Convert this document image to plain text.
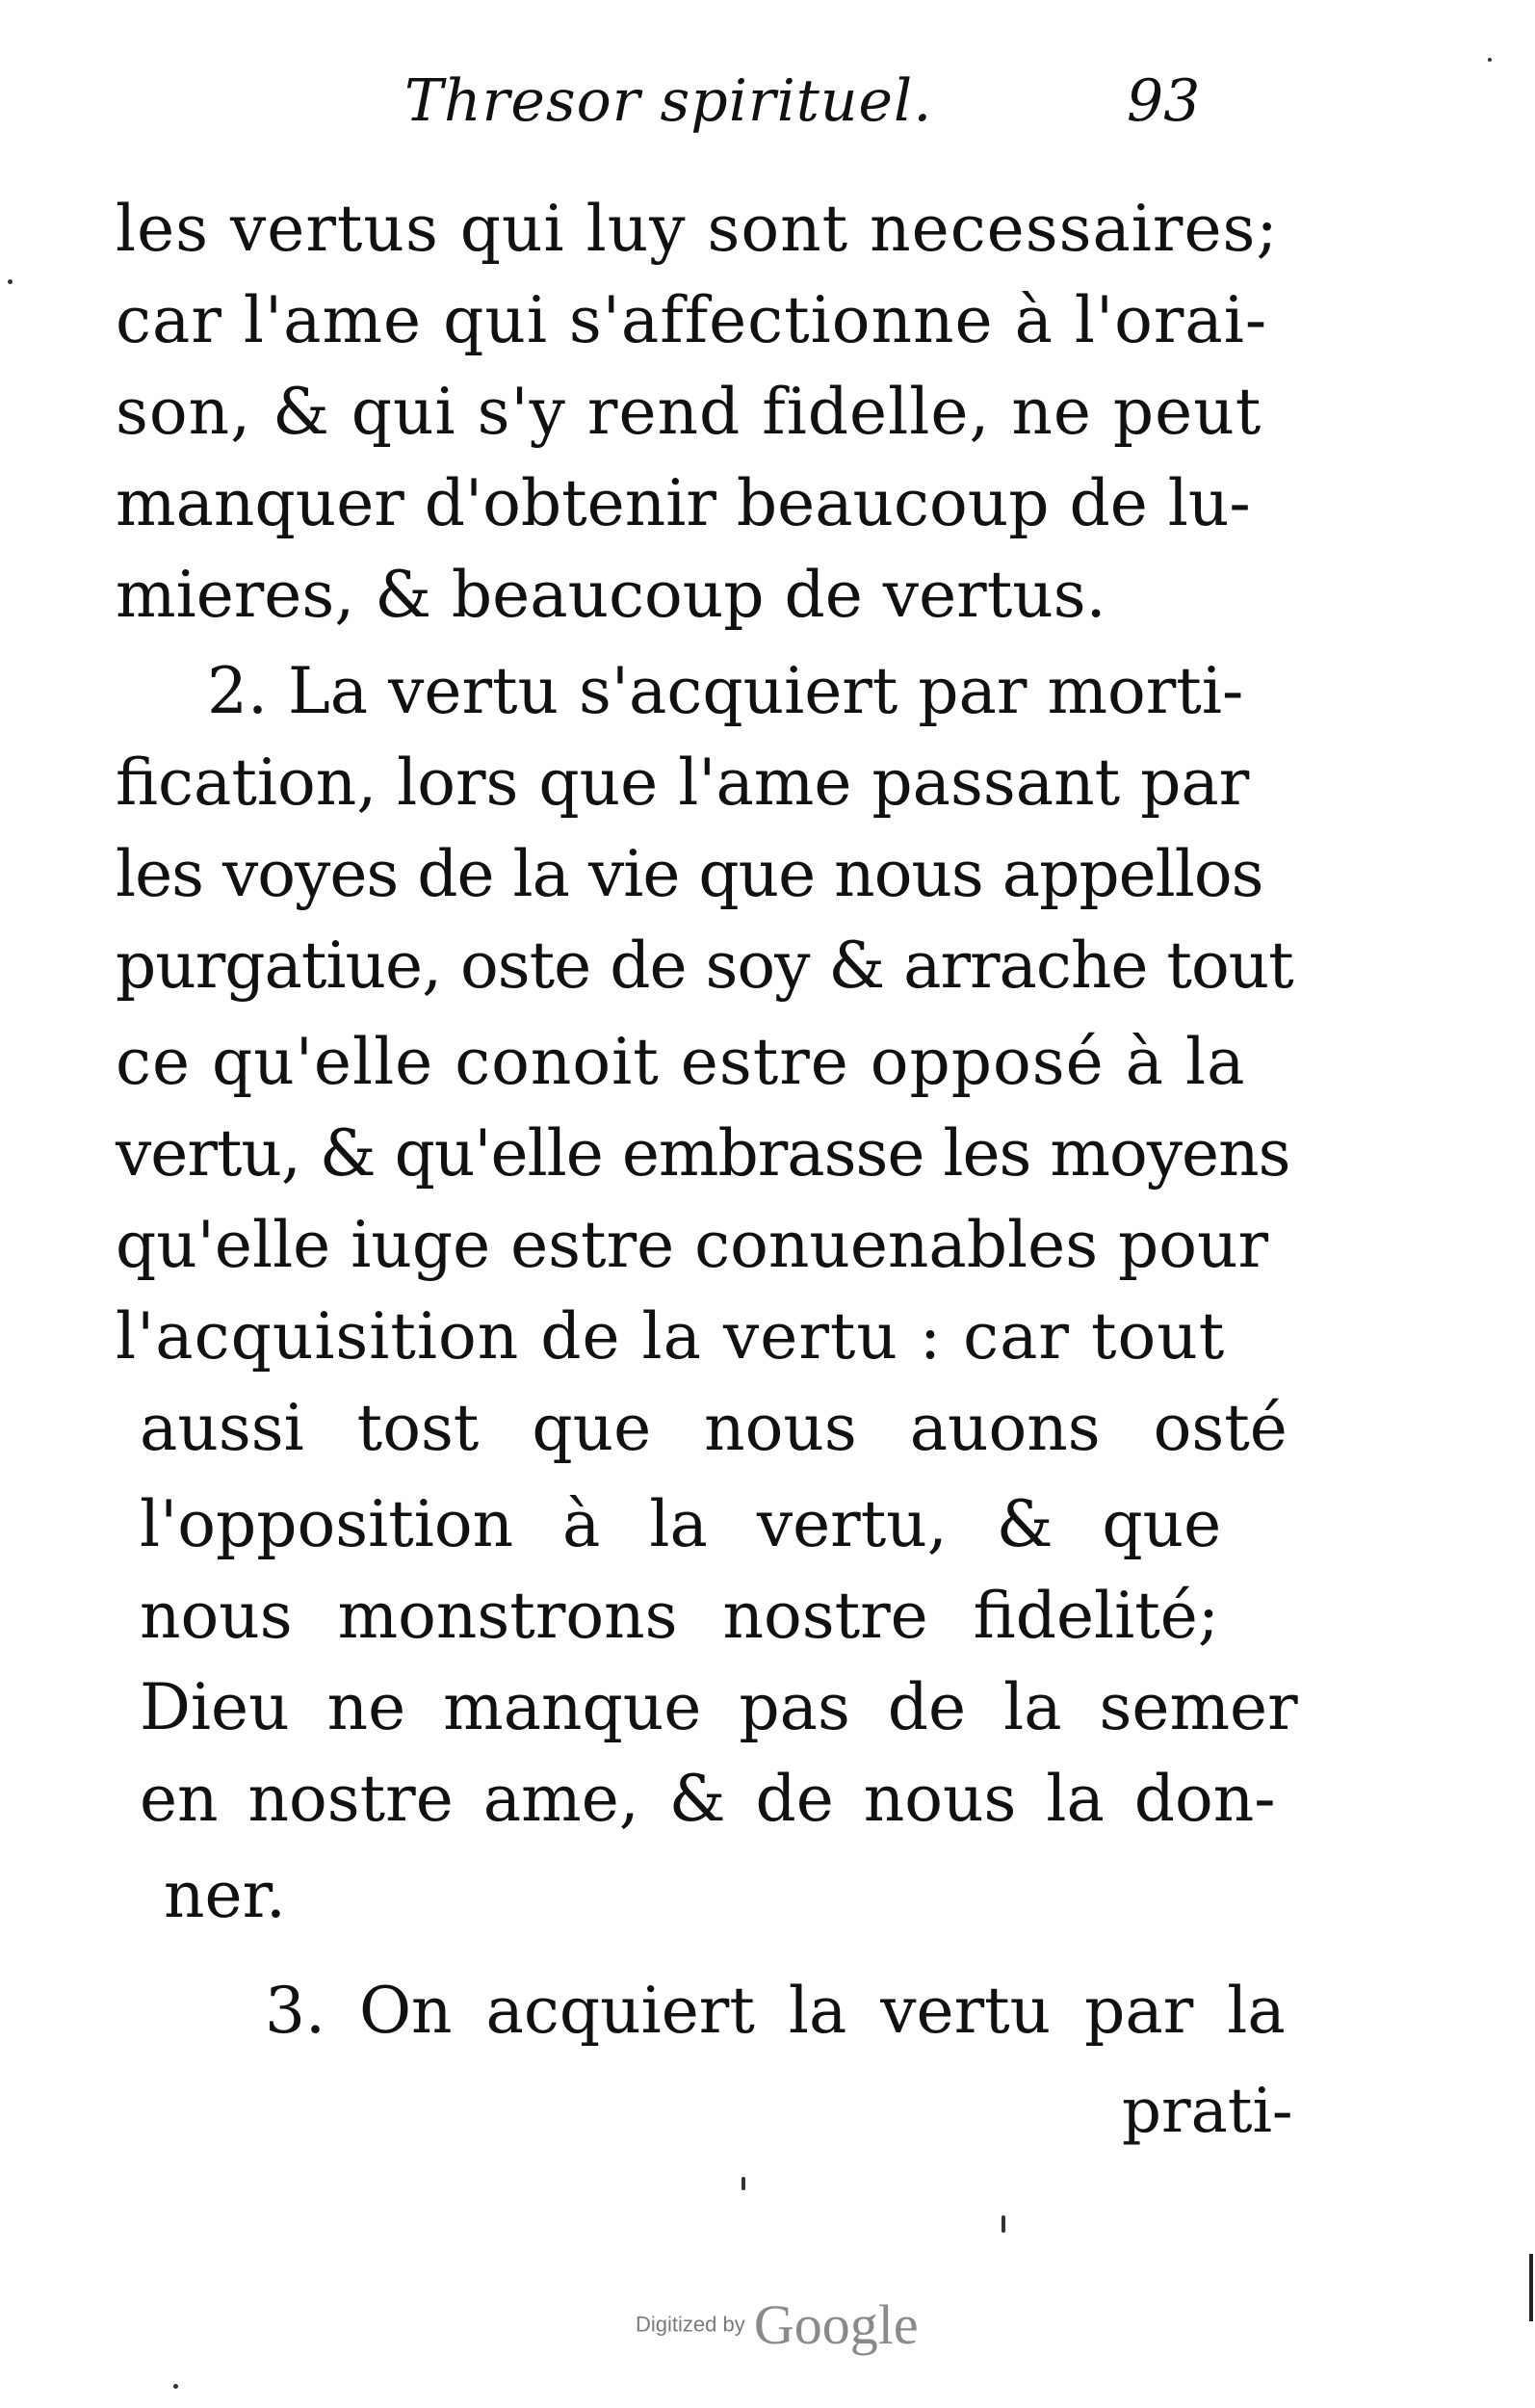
Thresor spirituel.	93
les vertus qui luy sont necessaires;
car l'ame qui s'affectionne à l'orai-
son, & qui s'y rend fidelle, ne peut
manquer d'obtenir beaucoup de lu-
mieres, & beaucoup de vertus.
2. La vertu s'acquiert par morti-
fication, lors que l'ame passant par
les voyes de la vie que nous appellos
purgatiue, oste de soy & arrache tout
ce qu'elle conoit estre opposé à la
vertu, & qu'elle embrasse les moyens
qu'elle iuge estre conuenables pour
l'acquisition de la vertu : car tout
aussi tost que nous auons osté
l'opposition à la vertu, & que
nous monstrons nostre fidelité;
Dieu ne manque pas de la semer
en nostre ame, & de nous la don-
ner.
3. On acquiert la vertu par la
prati-
Digitized by Google
